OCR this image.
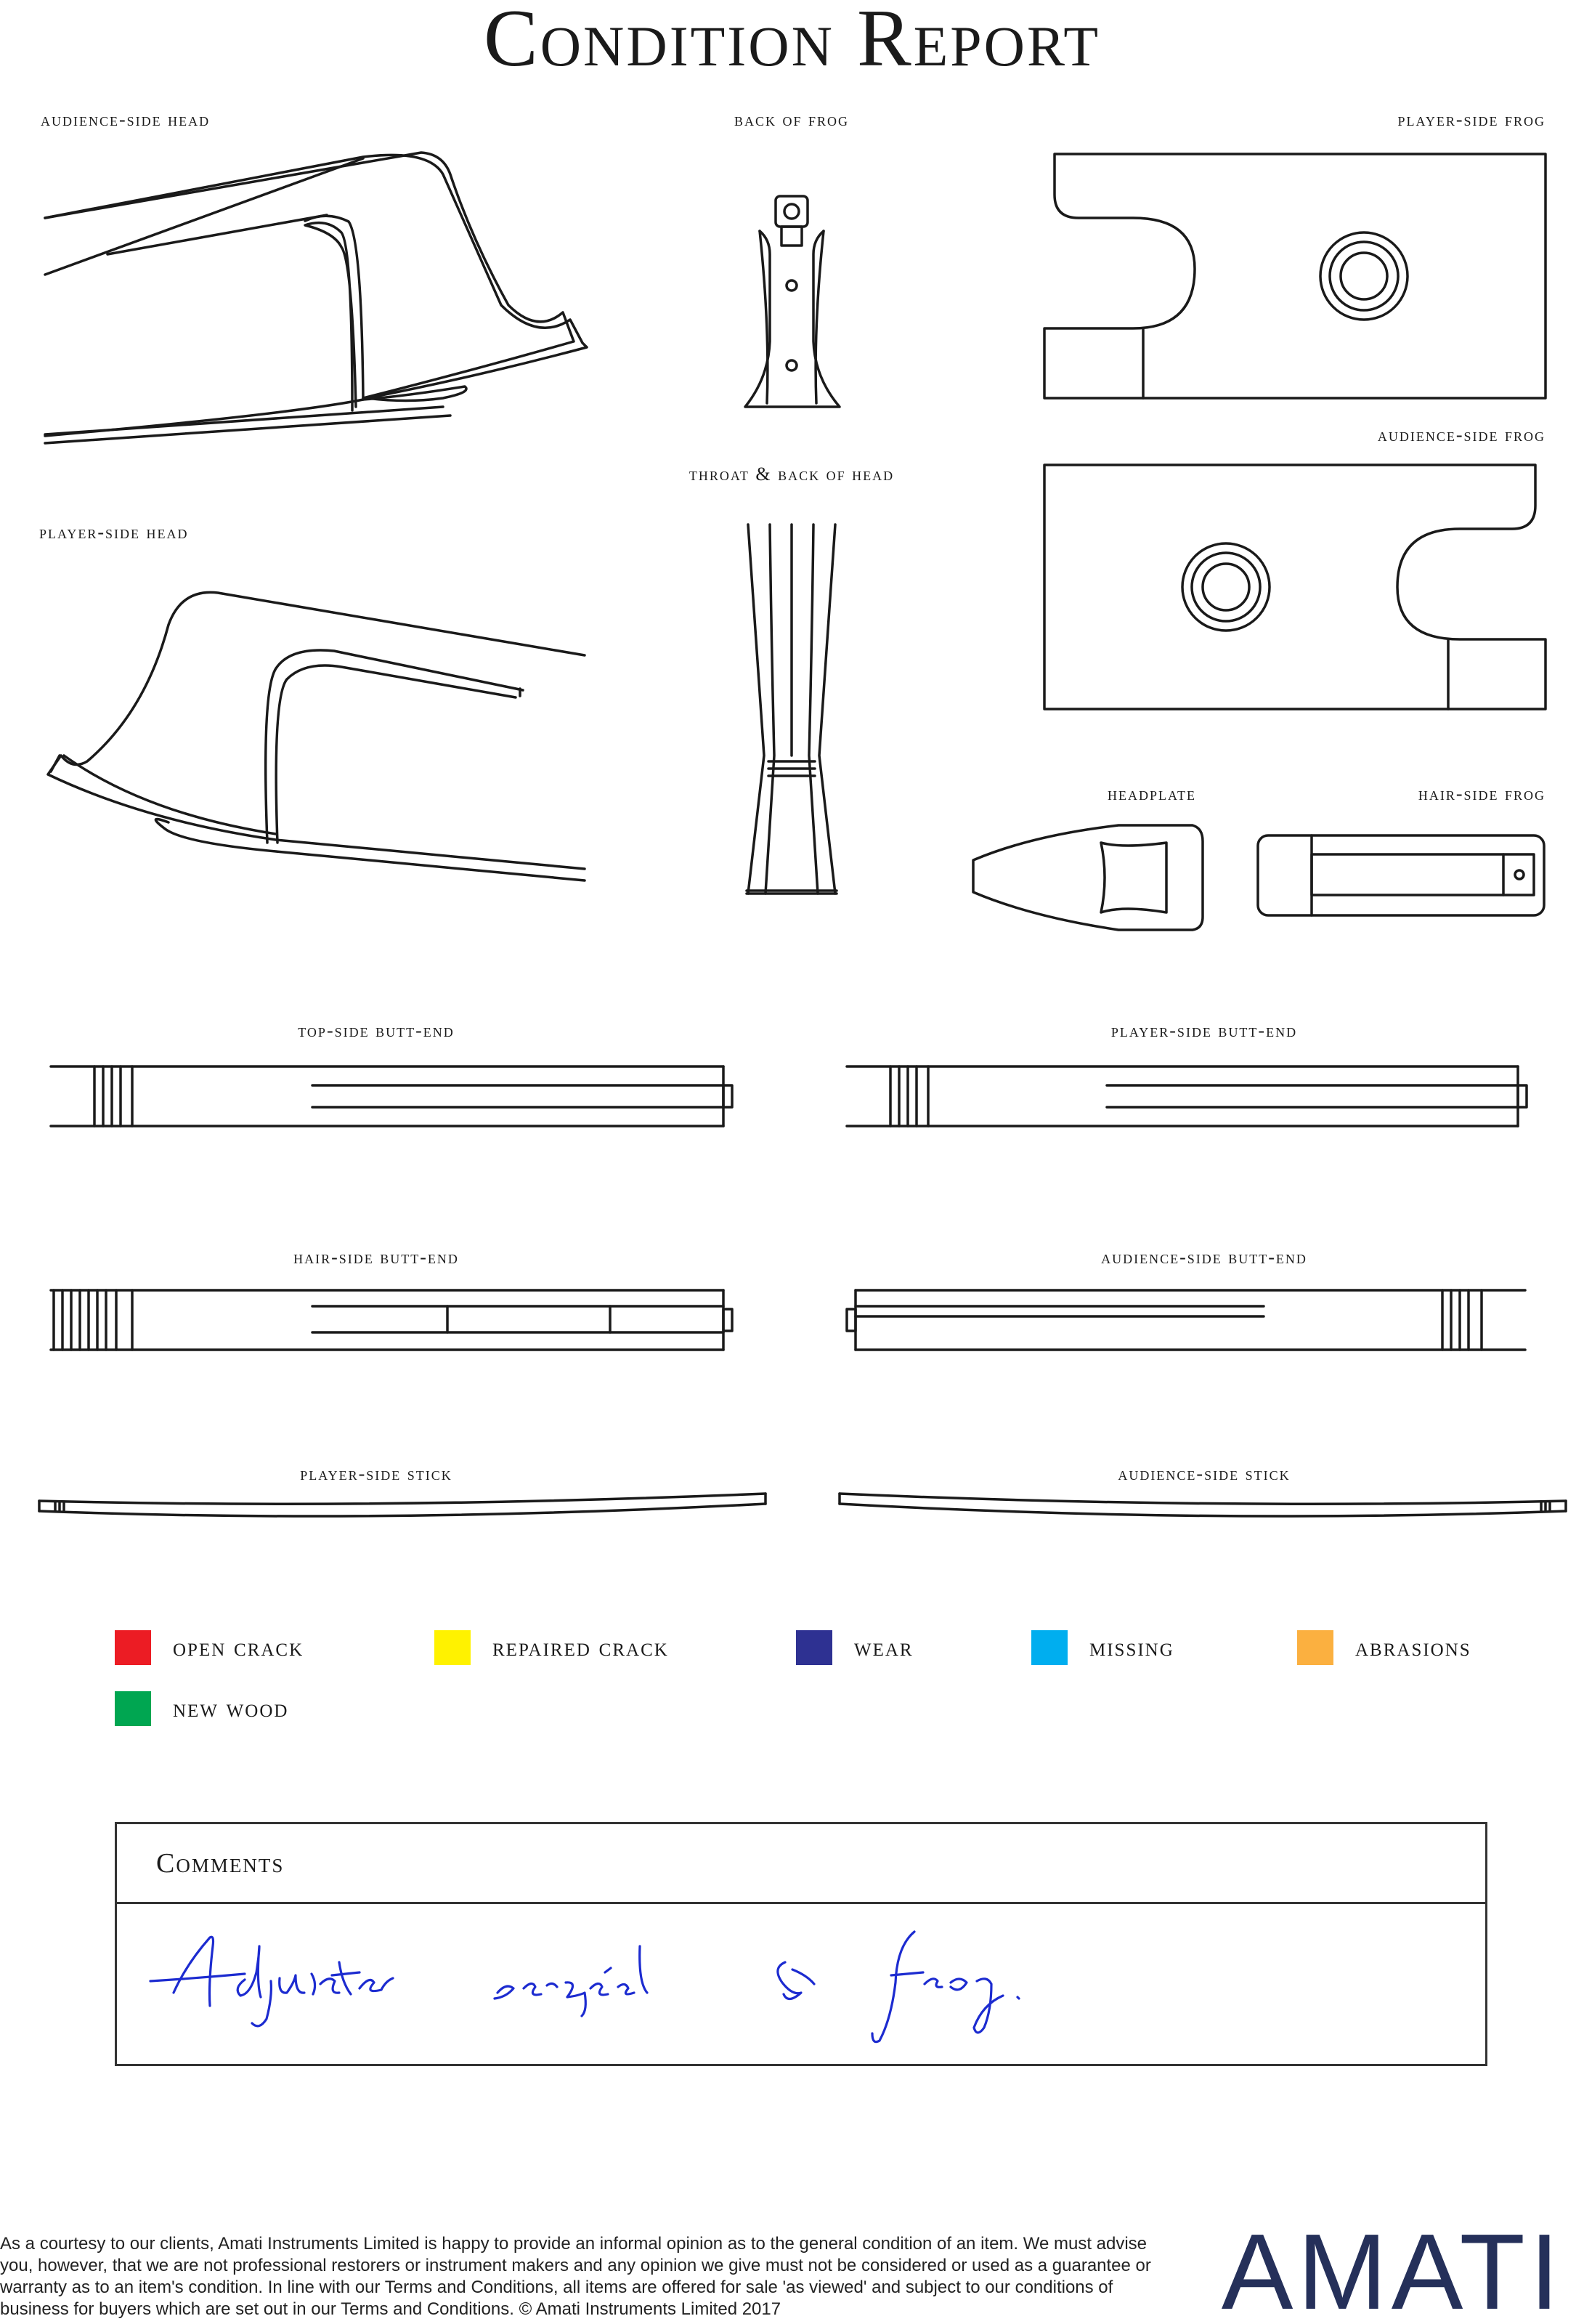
Condition Report
audience-side head	back of frog	player-side frog
audience-side frog
throat & back of head
player-side head
headplate	hair-side frog
top-side butt-end	player-side butt-end
hair-side butt-end	audience-side butt-end
player-side stick	audience-side stick
open crack	repaired crack	wear	missing	abrasions
new wood
Comments
As a courtesy to our clients, Amati Instruments Limited is happy to provide an informal opinion as to the general condition of an item. We must advise you, however, that we are not professional restorers or instrument makers and any opinion we give must not be considered or used as a guarantee or warranty as to an item's condition. In line with our Terms and Conditions, all items are offered for sale 'as viewed' and subject to our conditions of business for buyers which are set out in our Terms and Conditions. © Amati Instruments Limited 2017	AMATI
